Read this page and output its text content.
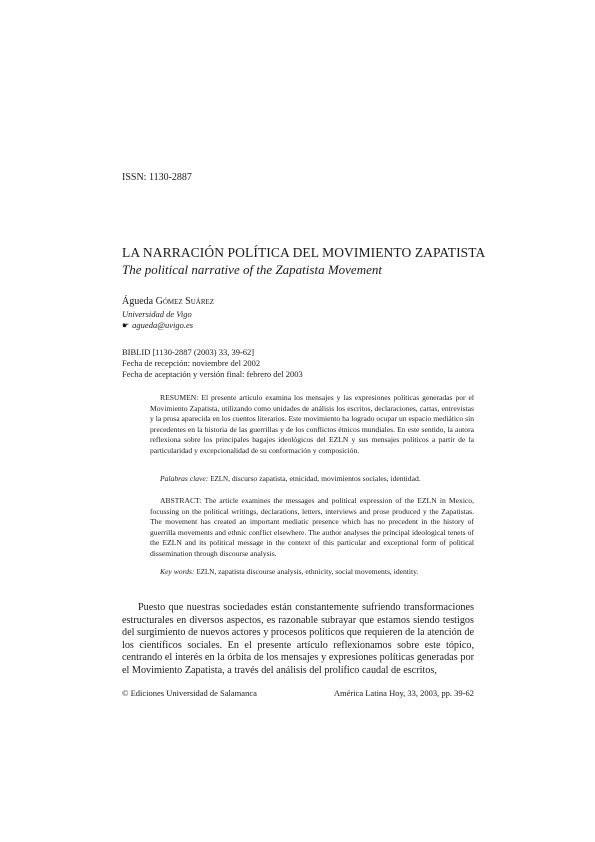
ISSN: 1130-2887
LA NARRACIÓN POLÍTICA DEL MOVIMIENTO ZAPATISTA
The political narrative of the Zapatista Movement
Águeda Gómez Suárez
Universidad de Vigo
☛ agueda@uvigo.es
BIBLID [1130-2887 (2003) 33, 39-62]
Fecha de recepción: noviembre del 2002
Fecha de aceptación y versión final: febrero del 2003

RESUMEN: El presente artículo examina los mensajes y las expresiones políticas generadas por el Movimiento Zapatista, utilizando como unidades de análisis los escritos, declaraciones, cartas, entrevistas y la prosa aparecida en los cuentos literarios. Este movimiento ha logrado ocupar un espacio mediático sin precedentes en la historia de las guerrillas y de los conflictos étnicos mundiales. En este sentido, la autora reflexiona sobre los principales bagajes ideológicos del EZLN y sus mensajes políticos a partir de la particularidad y excepcionalidad de su conformación y composición.

Palabras clave: EZLN, discurso zapatista, etnicidad, movimientos sociales, identidad.

ABSTRACT: The article examines the messages and political expression of the EZLN in Mexico, focussing on the political writings, declarations, letters, interviews and prose produced y the Zapatistas. The movement has created an important mediatic presence which has no precedent in the history of guerrilla movements and ethnic conflict elsewhere. The author analyses the principal ideological tenets of the EZLN and its political message in the context of this particular and exceptional form of political dissemination through discourse analysis.

Key words: EZLN, zapatista discourse analysis, ethnicity, social movements, identity.

Puesto que nuestras sociedades están constantemente sufriendo transformaciones estructurales en diversos aspectos, es razonable subrayar que estamos siendo testigos del surgimiento de nuevos actores y procesos políticos que requieren de la atención de los científicos sociales. En el presente artículo reflexionamos sobre este tópico, centrando el interés en la órbita de los mensajes y expresiones políticas generadas por el Movimiento Zapatista, a través del análisis del prolífico caudal de escritos,

© Ediciones Universidad de Salamanca	América Latina Hoy, 33, 2003, pp. 39-62
